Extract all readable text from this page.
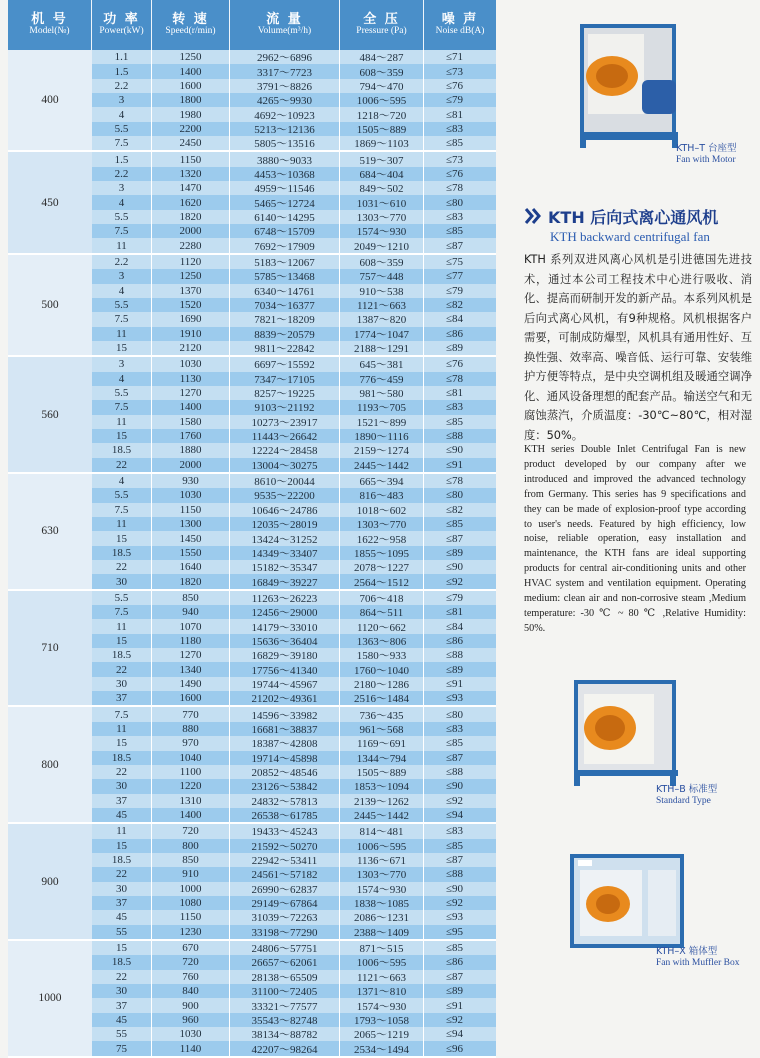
机 号
Model(№)
功 率
Power(kW)
转 速
Speed(r/min)
流 量
Volume(m³/h)
全 压
Pressure (Pa)
噪 声
Noise dB(A)
400
1.1	1250	2962～6896	484～287	≤71
1.5	1400	3317～7723	608～359	≤73
2.2	1600	3791～8826	794～470	≤76
3	1800	4265～9930	1006～595	≤79
4	1980	4692～10923	1218～720	≤81
5.5	2200	5213～12136	1505～889	≤83
7.5	2450	5805～13516	1869～1103	≤85
450
1.5	1150	3880～9033	519～307	≤73
2.2	1320	4453～10368	684～404	≤76
3	1470	4959～11546	849～502	≤78
4	1620	5465～12724	1031～610	≤80
5.5	1820	6140～14295	1303～770	≤83
7.5	2000	6748～15709	1574～930	≤85
11	2280	7692～17909	2049～1210	≤87
500
2.2	1120	5183～12067	608～359	≤75
3	1250	5785～13468	757～448	≤77
4	1370	6340～14761	910～538	≤79
5.5	1520	7034～16377	1121～663	≤82
7.5	1690	7821～18209	1387～820	≤84
11	1910	8839～20579	1774～1047	≤86
15	2120	9811～22842	2188～1291	≤89
560
3	1030	6697～15592	645～381	≤76
4	1130	7347～17105	776～459	≤78
5.5	1270	8257～19225	981～580	≤81
7.5	1400	9103～21192	1193～705	≤83
11	1580	10273～23917	1521～899	≤85
15	1760	11443～26642	1890～1116	≤88
18.5	1880	12224～28458	2159～1274	≤90
22	2000	13004～30275	2445～1442	≤91
630
4	930	8610～20044	665～394	≤78
5.5	1030	9535～22200	816～483	≤80
7.5	1150	10646～24786	1018～602	≤82
11	1300	12035～28019	1303～770	≤85
15	1450	13424～31252	1622～958	≤87
18.5	1550	14349～33407	1855～1095	≤89
22	1640	15182～35347	2078～1227	≤90
30	1820	16849～39227	2564～1512	≤92
710
5.5	850	11263～26223	706～418	≤79
7.5	940	12456～29000	864～511	≤81
11	1070	14179～33010	1120～662	≤84
15	1180	15636～36404	1363～806	≤86
18.5	1270	16829～39180	1580～933	≤88
22	1340	17756～41340	1760～1040	≤89
30	1490	19744～45967	2180～1286	≤91
37	1600	21202～49361	2516～1484	≤93
800
7.5	770	14596～33982	736～435	≤80
11	880	16681～38837	961～568	≤83
15	970	18387～42808	1169～691	≤85
18.5	1040	19714～45898	1344～794	≤87
22	1100	20852～48546	1505～889	≤88
30	1220	23126～53842	1853～1094	≤90
37	1310	24832～57813	2139～1262	≤92
45	1400	26538～61785	2445～1442	≤94
900
11	720	19433～45243	814～481	≤83
15	800	21592～50270	1006～595	≤85
18.5	850	22942～53411	1136～671	≤87
22	910	24561～57182	1303～770	≤88
30	1000	26990～62837	1574～930	≤90
37	1080	29149～67864	1838～1085	≤92
45	1150	31039～72263	2086～1231	≤93
55	1230	33198～77290	2388～1409	≤95
1000
15	670	24806～57751	871～515	≤85
18.5	720	26657～62061	1006～595	≤86
22	760	28138～65509	1121～663	≤87
30	840	31100～72405	1371～810	≤89
37	900	33321～77577	1574～930	≤91
45	960	35543～82748	1793～1058	≤92
55	1030	38134～88782	2065～1219	≤94
75	1140	42207～98264	2534～1494	≤96
KTH–T 台座型
Fan with Motor
KTH 后向式离心通风机
KTH backward centrifugal fan
KTH 系列双进风离心风机是引进德国先进技术，通过本公司工程技术中心进行吸收、消化、提高而研制开发的新产品。本系列风机是后向式离心风机，有9种规格。风机根据客户需要，可制成防爆型，风机具有通用性好、互换性强、效率高、噪音低、运行可靠、安装维护方便等特点，是中央空调机组及暖通空调净化、通风设备理想的配套产品。输送空气和无腐蚀蒸汽，介质温度：-30℃~80℃，相对湿度：50%。
KTH series Double Inlet Centrifugal Fan is new product developed by our company after we introduced and improved the advanced technology from Germany. This series has 9 specifications and they can be made of explosion-proof type according to user's needs. Featured by high efficiency, low noise, reliable operation, easy installation and maintenance, the KTH fans are ideal supporting products for central air-conditioning units and other HVAC system and ventilation equipment. Operating medium: clean air and non-corrosive steam ,Medium temperature: -30 ℃ ~ 80 ℃ ,Relative Humidity: 50%.
KTH–B 标准型
Standard Type
KTH–X 箱体型
Fan with Muffler Box
